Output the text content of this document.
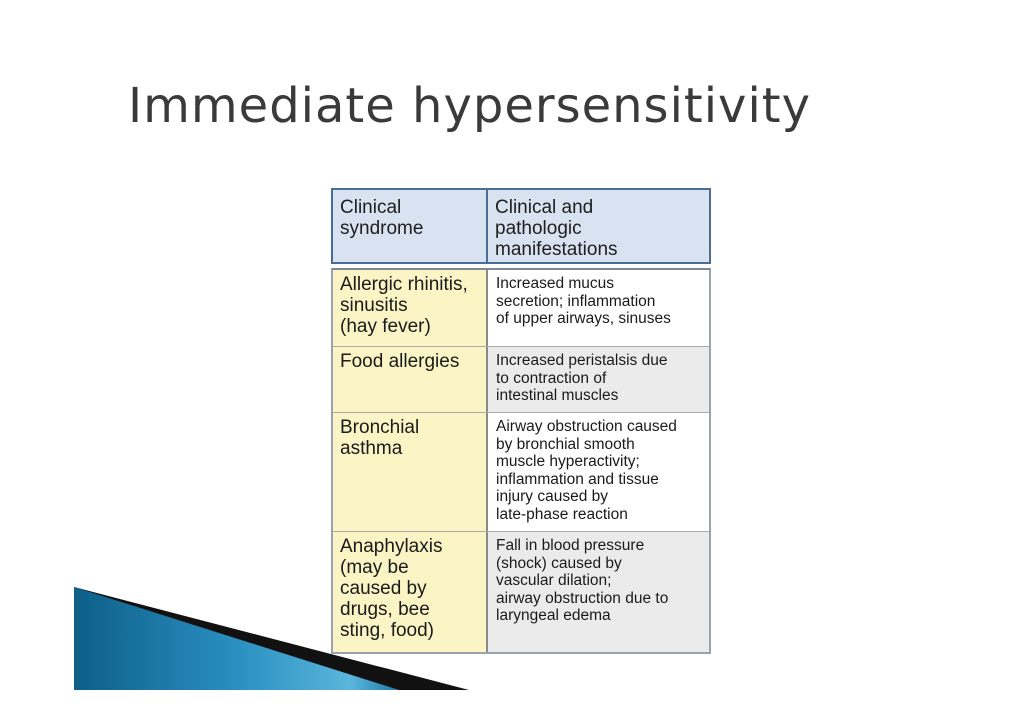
Immediate hypersensitivity
Clinical
syndrome
Clinical and
pathologic
manifestations
Allergic rhinitis,
sinusitis
(hay fever)
Increased mucus
secretion; inflammation
of upper airways, sinuses
Food allergies	Increased peristalsis due
to contraction of
intestinal muscles
Bronchial
asthma
Airway obstruction caused
by bronchial smooth
muscle hyperactivity;
inflammation and tissue
injury caused by
late-phase reaction
Anaphylaxis
(may be
caused by
drugs, bee
sting, food)
Fall in blood pressure
(shock) caused by
vascular dilation;
airway obstruction due to
laryngeal edema
